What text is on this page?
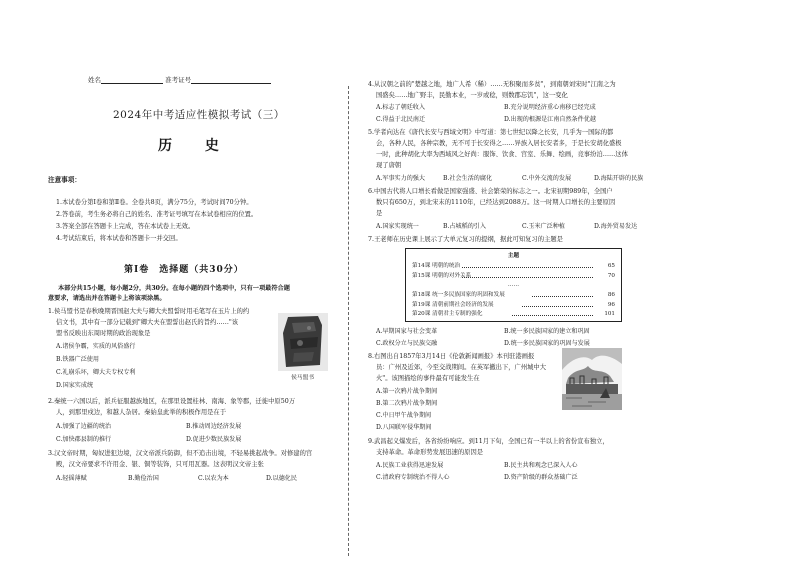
姓名	准考证号
2024年中考适应性模拟考试（三）
历 史
注意事项：
1.本试卷分第Ⅰ卷和第Ⅱ卷。全卷共8页，满分75分，考试时间70分钟。
2.答卷前，考生务必将自己的姓名、准考证号填写在本试卷相应的位置。
3.答案全部在答题卡上完成，答在本试卷上无效。
4.考试结束后，将本试卷和答题卡一并交回。
第Ⅰ卷　选择题（共30分）
本部分共15小题，每小题2分，共30分。在每小题的四个选项中，只有一项最符合题
意要求，请选出并在答题卡上将该项涂黑。
1.侯马盟书是春秋晚期晋国赵大夫与卿大夫盟誓时用毛笔写在玉片上的约
信文书，其中有一部分记载到"卿大夫在盟誓出赵氏的旨约……"该
盟书反映出东周时期的政治现象是
A.诸侯争霸，实质的风俗盛行
B.铁器广泛使用
C.礼崩乐坏，卿大夫专权专利
D.国家实成统
侯马盟书
2.秦统一六国以后，派兵征服越族地区，在那里设置桂林、南海、象等郡，迁徙中原50万
人，到那里戍边，和越人杂居。秦始皇此举的积极作用是在于
A.加强了边疆的统治	B.推动周边经济发展
C.加快郡县制的推行	D.促进少数民族发展
3.汉文帝时期，匈奴进犯边境，汉文帝派兵防御，但不追击出境，不轻易挑起战争。对修建的宫
殿，汉文帝要求不许用金、银、铜等装饰，只可用瓦器。这表明汉文帝主张
A.轻徭薄赋	B.勤俭治国	C.以农为本	D.以德化民
4.从汉朝之前的"楚越之地，地广人希（稀）……无积聚而多贫"，到南朝刘宋时"江南之为
国盛矣……地广野丰，民勤本业，一岁或稔，则数郡忘饥"，这一变化
A.标志了朝廷收入	B.充分说明经济重心南移已经完成
C.得益于北民南迁	D.出现的根源是江南自然条件优越
5.学者向达在《唐代长安与西域文明》中写道：第七世纪以降之长安，几乎为一国际的都
会，各种人民，各种宗教，无不可于长安得之……异族入居长安者多，于是长安胡化盛极
一时，此种胡化大率为西域风之好尚：服饰、饮食、宫室、乐舞、绘画，竞事纷泊……这体
现了唐朝
A.军事实力的强大	B.社会生活的腐化	C.中外交流的发展	D.海陆开辟的民族
6.中国古代将人口增长看做是国家强盛、社会繁荣的标志之一。北宋初期989年，全国户
数只有650万，到北宋末的1110年，已经达到2088万。这一时期人口增长的主要原因
是
A.国家实现统一	B.占城稻的引入	C.玉米广泛种植	D.海外贸易发达
7.王老师在历史课上展示了大单元复习的提纲，据此可知复习的主题是
主题
第14课 明朝的统治	65
第15课 明朝的对外关系	70
……
第18课 统一多民族国家的巩固和发展	86
第19课 清朝前期社会经济的发展	96
第20课 清朝君主专制的强化	101
A.早期国家与社会变革	B.统一多民族国家的建立和巩固
C.政权分立与民族交融	D.统一多民族国家的巩固与发展
8.右图出自1857年3月14日《伦敦新闻画报》本刊驻港画报
员：广州及近郊，今至交战期间。在英军撤出下，广州城中大
火"。该图描绘的事件最有可能发生在
A.第一次鸦片战争期间
B.第二次鸦片战争期间
C.中日甲午战争期间
D.八国联军侵华期间
9.武昌起义爆发后，各省纷纷响应。到11月下旬，全国已有一半以上的省份宣布独立，
支持革命。革命形势发展迅速的原因是
A.民族工业获得迅速发展	B.民主共和观念已深入人心
C.清政府专制统治不得人心	D.资产阶级的群众基础广泛
